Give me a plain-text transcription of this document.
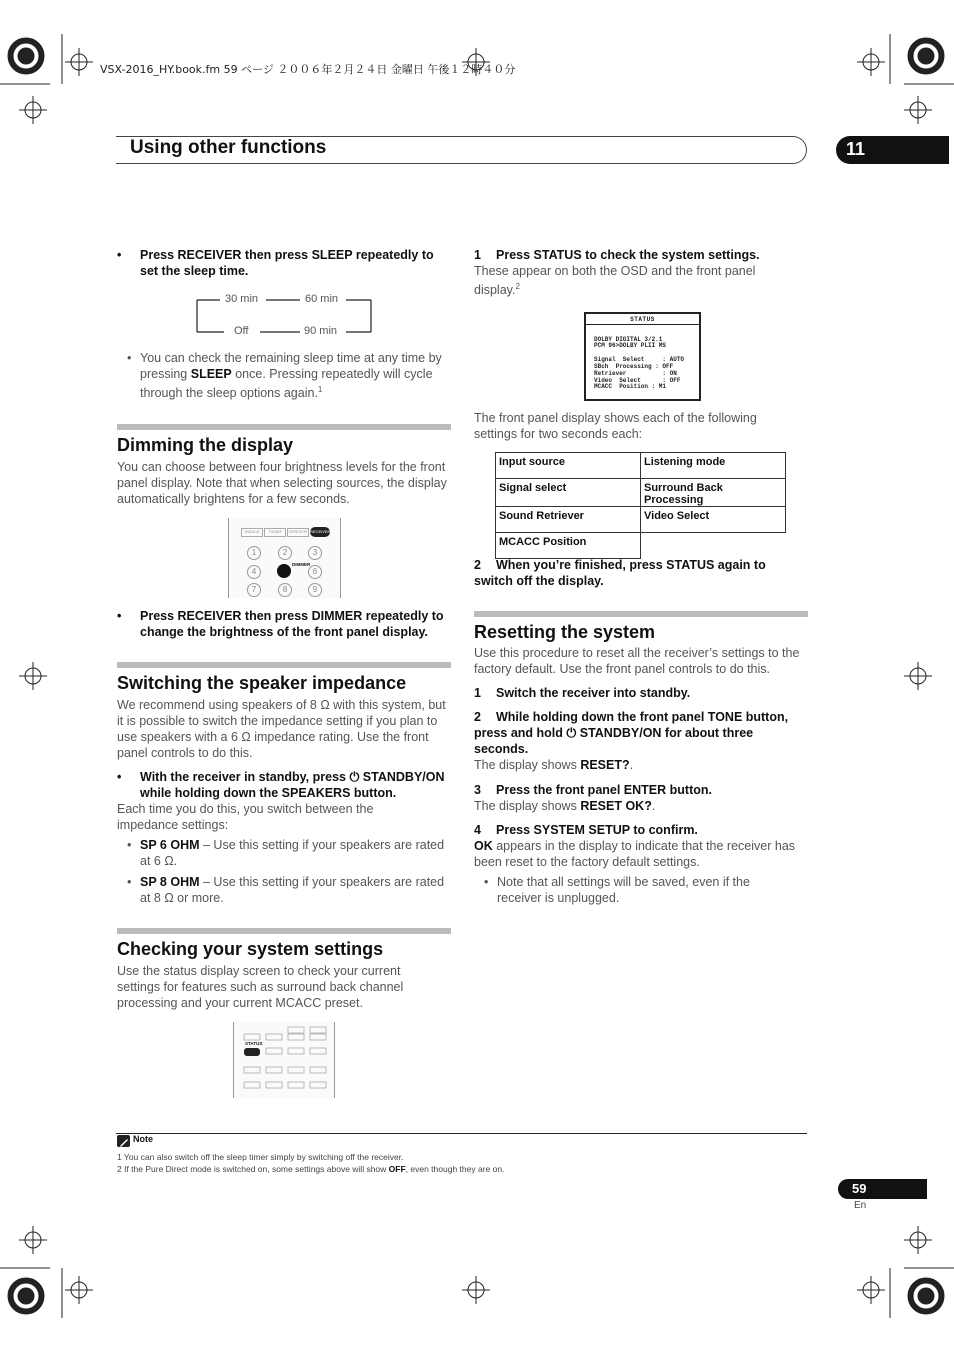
VSX-2016_HY.book.fm 59 ページ ２００６年２月２４日 金曜日 午後１２時４０分
Using other functions	11
• Press RECEIVER then press SLEEP repeatedly to set the sleep time.
30 min	60 min
Off	90 min
• You can check the remaining sleep time at any time by pressing SLEEP once. Pressing repeatedly will cycle through the sleep options again.$^1$
Dimming the display
You can choose between four brightness levels for the front panel display. Note that when selecting sources, the display automatically brightens for a few seconds.
DVD/LD	TV/SAT	DVR/VCR RECEIVER
1	2	3
4	5
DIMMER
6
7	8	9
• Press RECEIVER then press DIMMER repeatedly to change the brightness of the front panel display.
Switching the speaker impedance
We recommend using speakers of 8 Ω with this system, but it is possible to switch the impedance setting if you plan to use speakers with a 6 Ω impedance rating. Use the front panel controls to do this.
• With the receiver in standby, press ⏻ STANDBY/ON while holding down the SPEAKERS button.
Each time you do this, you switch between the impedance settings:
• SP 6 OHM – Use this setting if your speakers are rated at 6 Ω.
• SP 8 OHM – Use this setting if your speakers are rated at 8 Ω or more.
Checking your system settings
Use the status display screen to check your current settings for features such as surround back channel processing and your current MCACC preset.
STATUS
1 Press STATUS to check the system settings.
These appear on both the OSD and the front panel display.$^2$
STATUS
DOLBY DIGITAL 3/2.1
PCM 96>DOLBY PLII MS
Signal  Select     : AUTO
SBch  Processing : OFF
Retriever          : ON
Video  Select      : OFF
MCACC  Position : M1
The front panel display shows each of the following settings for two seconds each:
Input source	Listening mode
Signal select	Surround Back Processing
Sound Retriever	Video Select
MCACC Position	
2 When you’re finished, press STATUS again to switch off the display.
Resetting the system
Use this procedure to reset all the receiver’s settings to the factory default. Use the front panel controls to do this.
1 Switch the receiver into standby.
2 While holding down the front panel TONE button, press and hold ⏻ STANDBY/ON for about three seconds.
The display shows RESET?.
3 Press the front panel ENTER button.
The display shows RESET OK?.
4 Press SYSTEM SETUP to confirm.
OK appears in the display to indicate that the receiver has been reset to the factory default settings.
• Note that all settings will be saved, even if the receiver is unplugged.
Note
1 You can also switch off the sleep timer simply by switching off the receiver.
2 If the Pure Direct mode is switched on, some settings above will show OFF, even though they are on.
59
En
